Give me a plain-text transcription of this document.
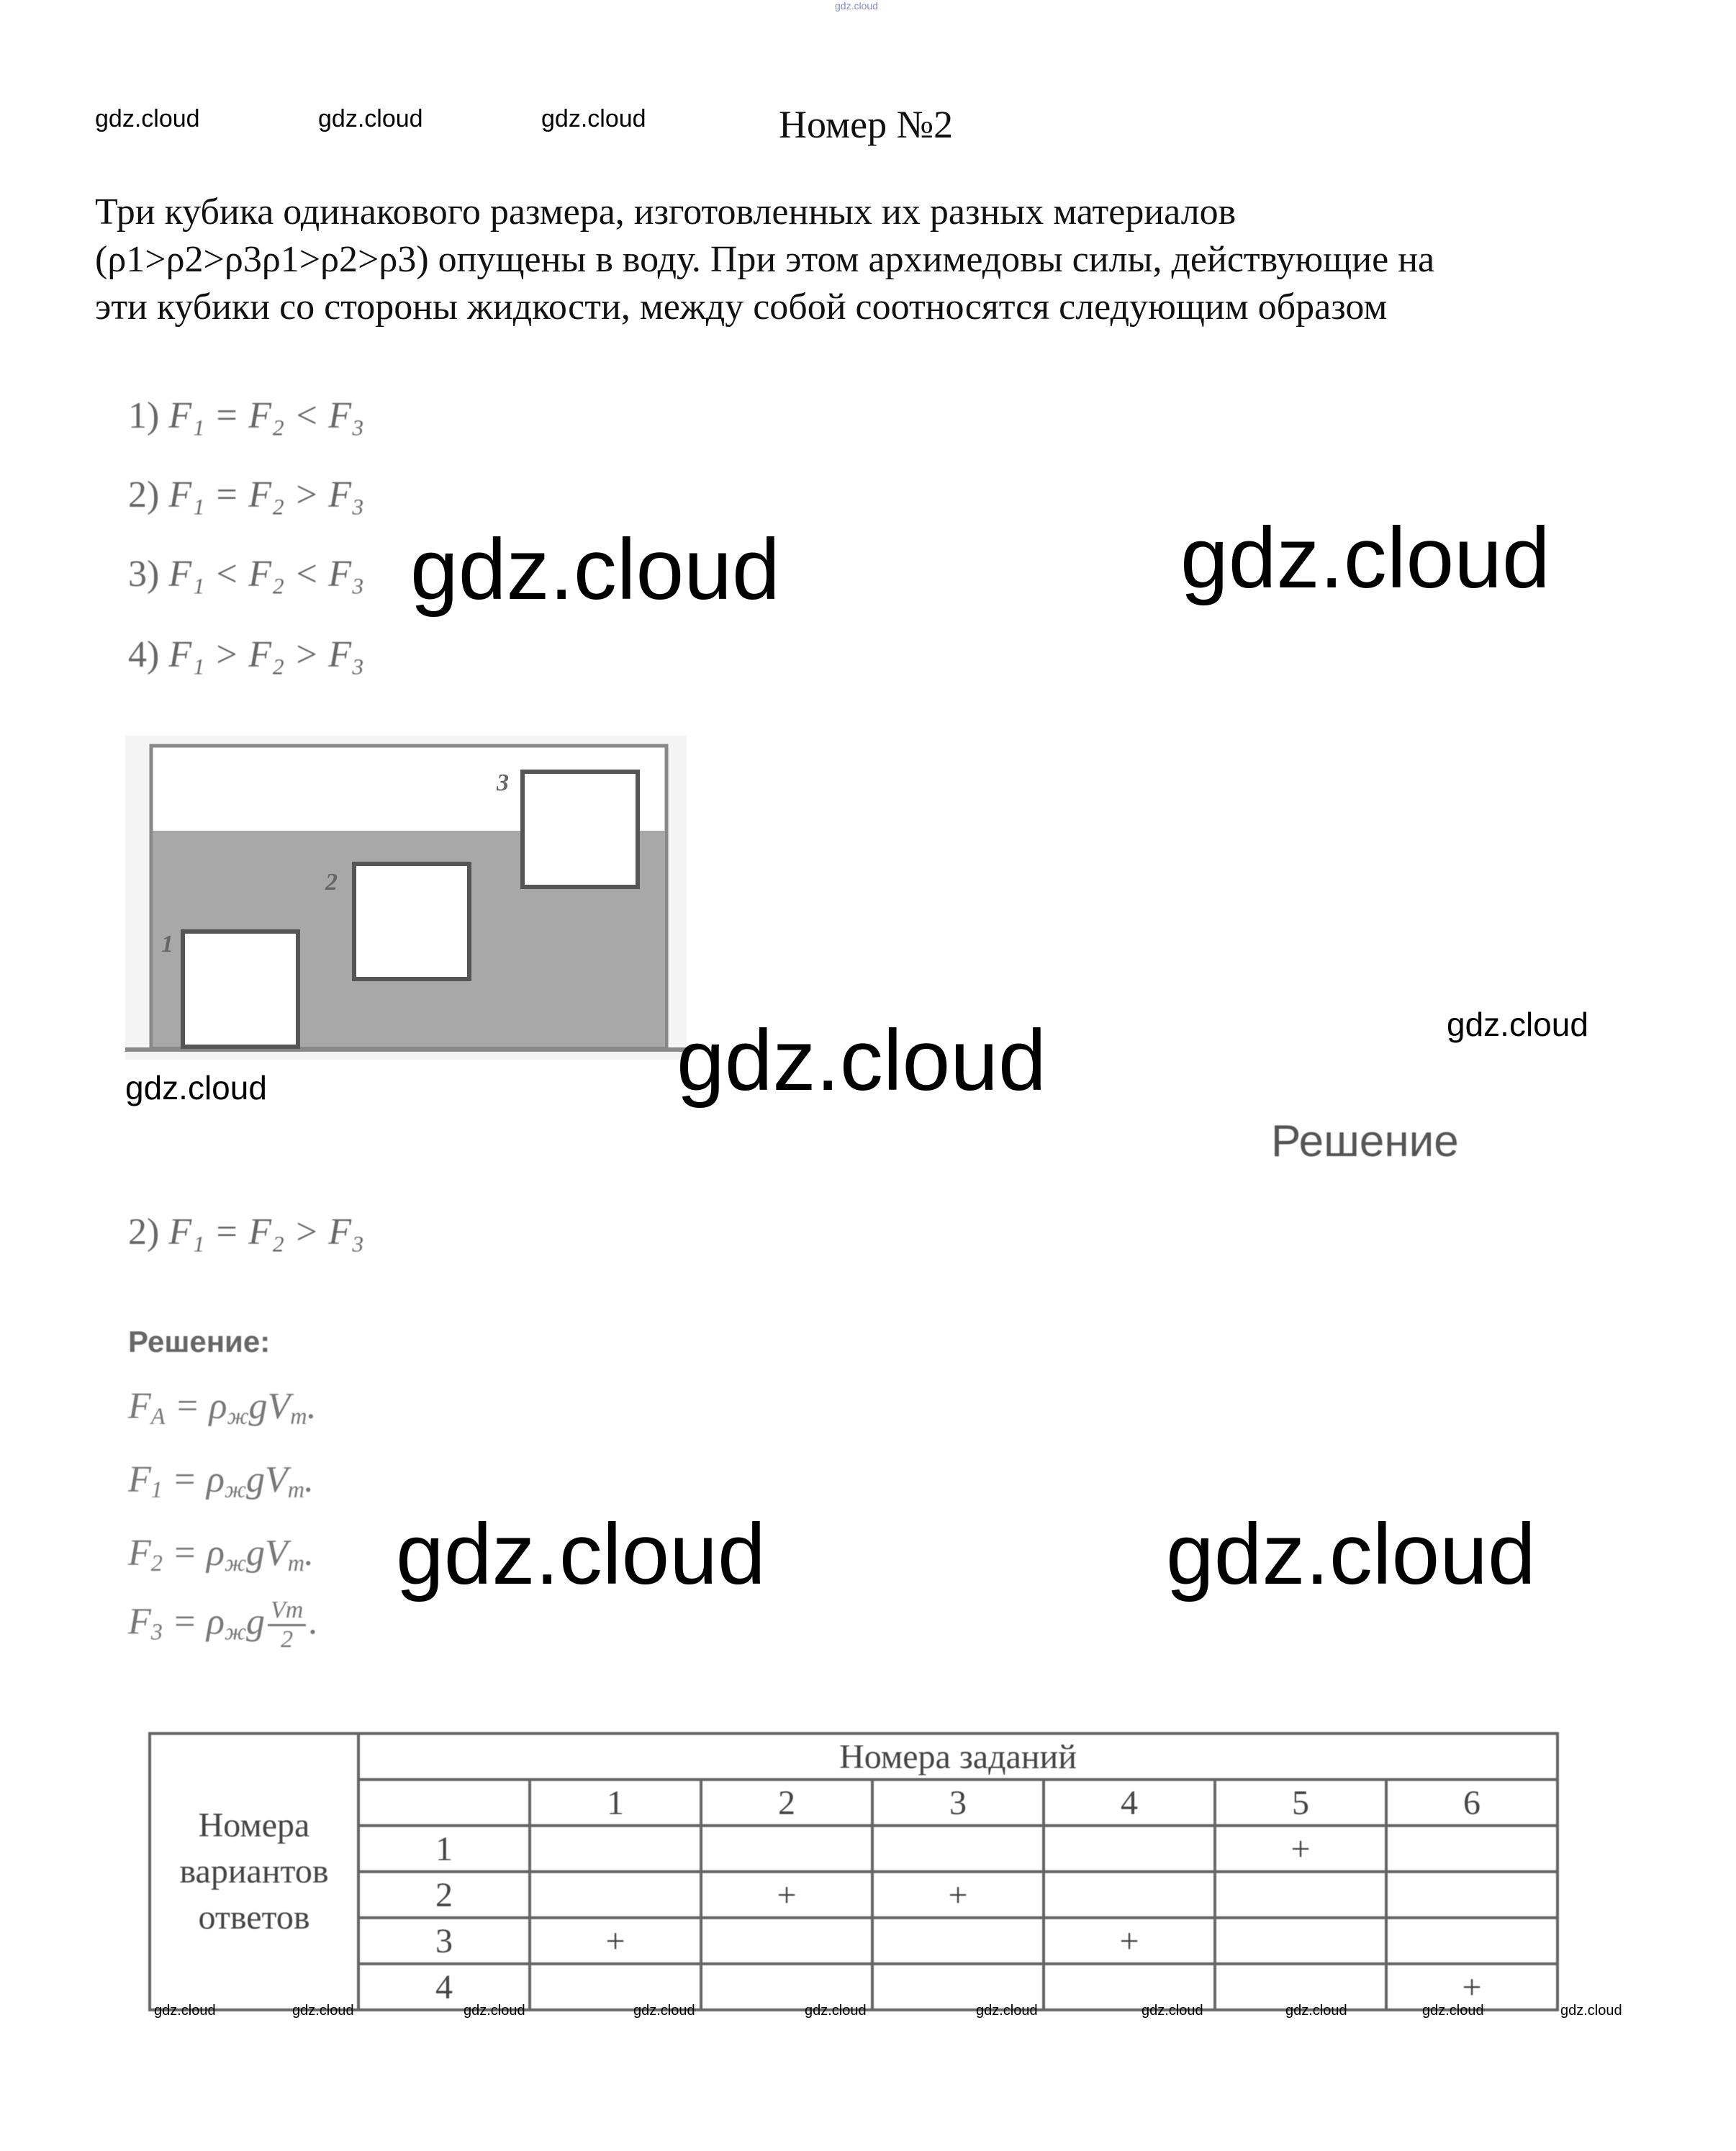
gdz.cloud
gdz.cloud	gdz.cloud	gdz.cloud	Номер №2
Три кубика одинакового размера, изготовленных их разных материалов
(ρ1>ρ2>ρ3ρ1>ρ2>ρ3) опущены в воду. При этом архимедовы силы, действующие на
эти кубики со стороны жидкости, между собой соотносятся следующим образом
1) F₁ = F₂ < F₃
2) F₁ = F₂ > F₃
3) F₁ < F₂ < F₃
4) F₁ > F₂ > F₃
gdz.cloud	gdz.cloud
1
2
3
gdz.cloud	gdz.cloud
gdz.cloud
Решение
2) F₁ = F₂ > F₃
Решение:
$F_А = \rho_жgV_т$.
$F_1 = \rho_жgV_т$.
$F_2 = \rho_жgV_т$.
$F_3 = \rho_жg \frac{Vт}{2}$ .
gdz.cloud	gdz.cloud
Номера
вариантов
ответов	Номера заданий						
		1	2	3	4	5	6
	1					+	
	2		+	+			
	3	+			+		
	4						+
gdz.cloud	gdz.cloud	gdz.cloud	gdz.cloud	gdz.cloud	gdz.cloud	gdz.cloud	gdz.cloud	gdz.cloud	gdz.cloud
